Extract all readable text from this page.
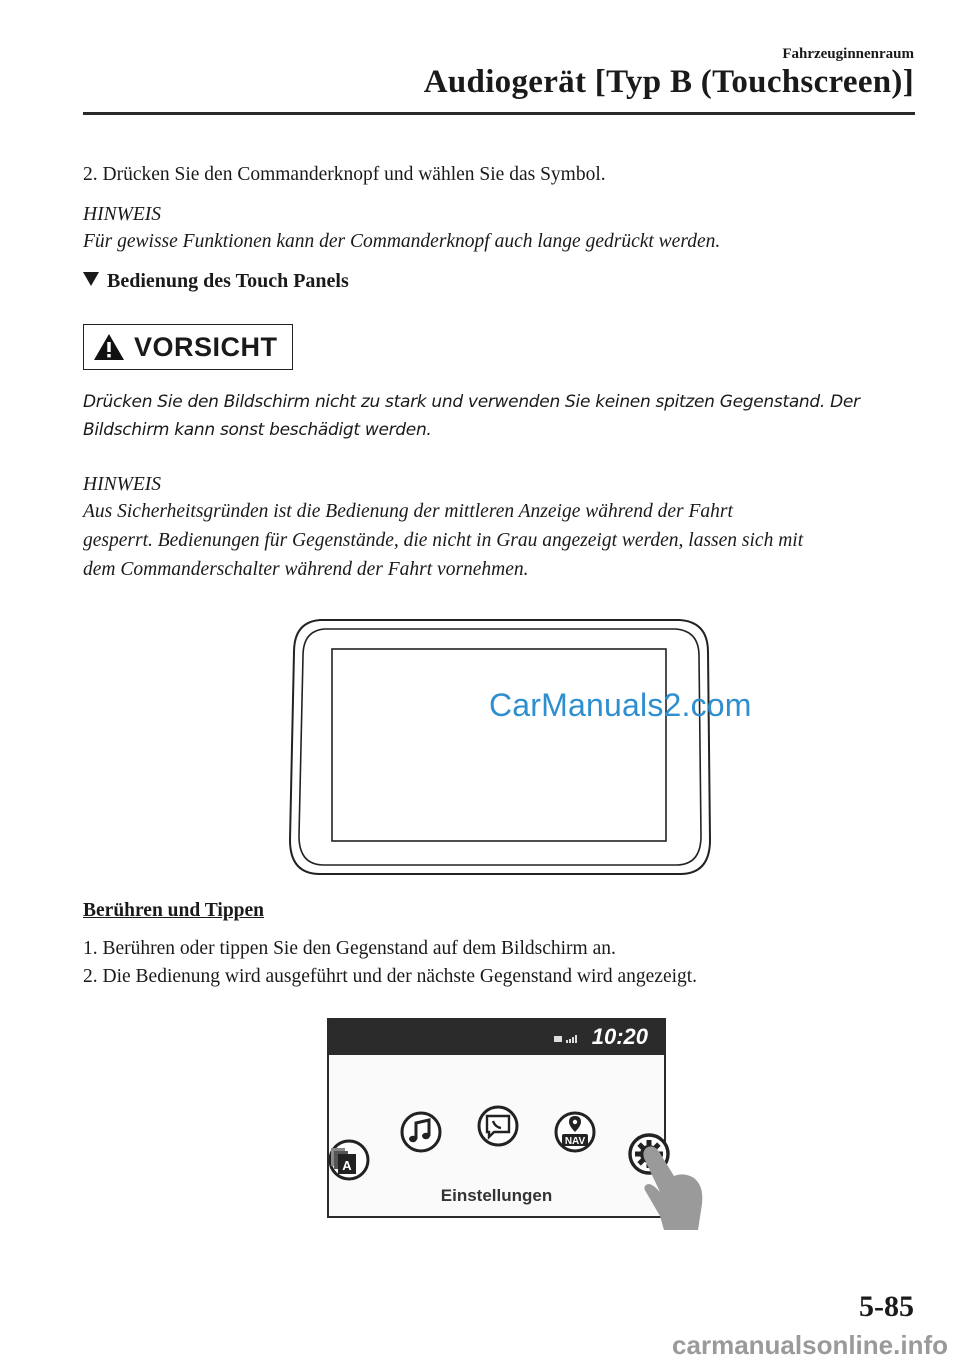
Fahrzeuginnenraum
Audiogerät [Typ B (Touchscreen)]
2. Drücken Sie den Commanderknopf und wählen Sie das Symbol.
HINWEIS
Für gewisse Funktionen kann der Commanderknopf auch lange gedrückt werden.
Bedienung des Touch Panels
VORSICHT
Drücken Sie den Bildschirm nicht zu stark und verwenden Sie keinen spitzen Gegenstand. Der Bildschirm kann sonst beschädigt werden.
HINWEIS
Aus Sicherheitsgründen ist die Bedienung der mittleren Anzeige während der Fahrt
gesperrt. Bedienungen für Gegenstände, die nicht in Grau angezeigt werden, lassen sich mit
dem Commanderschalter während der Fahrt vornehmen.
CarManuals2.com
Berühren und Tippen
1. Berühren oder tippen Sie den Gegenstand auf dem Bildschirm an.
2. Die Bedienung wird ausgeführt und der nächste Gegenstand wird angezeigt.
10:20
A
NAV
Einstellungen
5-85
carmanualsonline.info
